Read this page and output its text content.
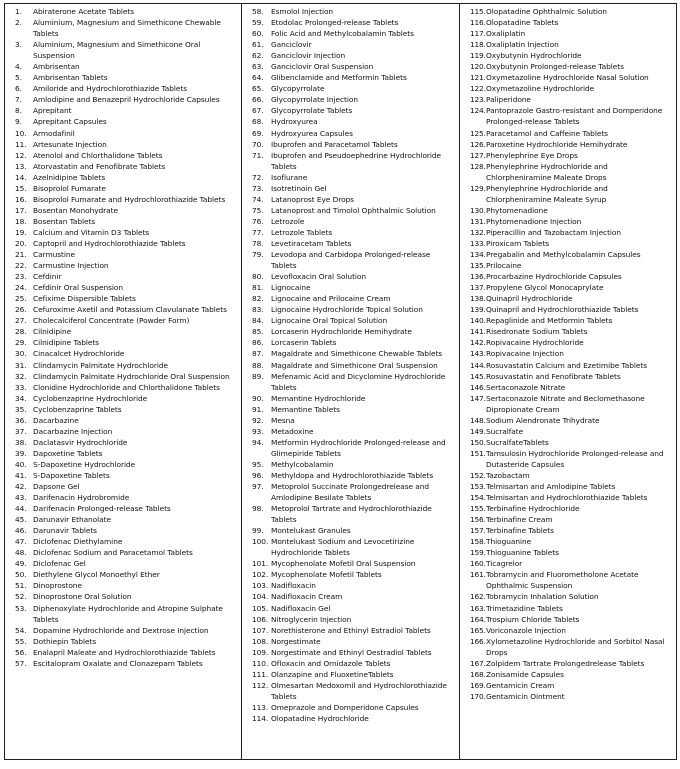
1.	Abiraterone Acetate Tablets
2.	Aluminium, Magnesium and Simethicone Chewable Tablets
3.	Aluminium, Magnesium and Simethicone Oral Suspension
4.	Ambrisentan
5.	Ambrisentan Tablets
6.	Amiloride and Hydrochlorothiazide Tablets
7.	Amlodipine and Benazepril Hydrochloride Capsules
8.	Aprepitant
9.	Aprepitant Capsules
10. Armodafinil
11. Artesunate Injection
12. Atenolol and Chlorthalidone Tablets
13. Atorvastatin and Fenofibrate Tablets
14. Azelnidipine Tablets
15. Bisoprolol Fumarate
16. Bisoprolol Fumarate and Hydrochlorothiazide Tablets
17. Bosentan Monohydrate
18. Bosentan Tablets
19. Calcium and Vitamin D3 Tablets
20. Captopril and Hydrochlorothiazide Tablets
21. Carmustine
22. Carmustine Injection
23. Cefdinir
24. Cefdinir Oral Suspension
25. Cefixime Dispersible Tablets
26. Cefuroxime Axetil and Potassium Clavulanate Tablets
27. Cholecalciferol Concentrate (Powder Form)
28. Cilnidipine
29. Cilnidipine Tablets
30. Cinacalcet Hydrochloride
31. Clindamycin Palmitate Hydrochloride
32. Clindamycin Palmitate Hydrochloride Oral Suspension
33. Clonidine Hydrochloride and Chlorthalidone Tablets
34. Cyclobenzaprine Hydrochloride
35. Cyclobenzaprine Tablets
36. Dacarbazine
37. Dacarbazine Injection
38. Daclatasvir Hydrochloride
39. Dapoxetine Tablets
40. S-Dapoxetine Hydrochloride
41. S-Dapoxetine Tablets
42. Dapsone Gel
43. Darifenacin Hydrobromide
44. Darifenacin Prolonged-release Tablets
45. Darunavir Ethanolate
46. Darunavir Tablets
47. Diclofenac Diethylamine
48. Diclofenac Sodium and Paracetamol Tablets
49. Diclofenac Gel
50. Diethylene Glycol Monoethyl Ether
51. Dinoprostone
52. Dinoprostone Oral Solution
53. Diphenoxylate Hydrochloride and Atropine Sulphate Tablets
54. Dopamine Hydrochloride and Dextrose Injection
55. Dothiepin Tablets
56. Enalapril Maleate and Hydrochlorothiazide Tablets
57. Escitalopram Oxalate and Clonazepam Tablets
58. Esmolol Injection
59. Etodolac Prolonged-release Tablets
60. Folic Acid and Methylcobalamin Tablets
61. Ganciclovir
62. Ganciclovir Injection
63. Ganciclovir Oral Suspension
64. Glibenclamide and Metformin Tablets
65. Glycopyrrolate
66. Glycopyrrolate Injection
67. Glycopyrrolate Tablets
68. Hydroxyurea
69. Hydroxyurea Capsules
70. Ibuprofen and Paracetamol Tablets
71. Ibuprofen and Pseudoephedrine Hydrochloride Tablets
72. Isoflurane
73. Isotretinoin Gel
74. Latanoprost Eye Drops
75. Latanoprost and Timolol Ophthalmic Solution
76. Letrozole
77. Letrozole Tablets
78. Levetiracetam Tablets
79. Levodopa and Carbidopa Prolonged-release Tablets
80. Levofloxacin Oral Solution
81. Lignocaine
82. Lignocaine and Prilocaine Cream
83. Lignocaine Hydrochloride Topical Solution
84. Lignocaine Oral Topical Solution
85. Lorcaserin Hydrochloride Hemihydrate
86. Lorcaserin Tablets
87. Magaldrate and Simethicone Chewable Tablets
88. Magaldrate and Simethicone Oral Suspension
89. Mefenamic Acid and Dicyclomine Hydrochloride Tablets
90. Memantine Hydrochloride
91. Memantine Tablets
92. Mesna
93. Metadoxine
94. Metformin Hydrochloride Prolonged-release and Glimepiride Tablets
95. Methylcobalamin
96. Methyldopa and Hydrochlorothiazide Tablets
97. Metoprolol Succinate Prolongedrelease and Amlodipine Besilate Tablets
98. Metoprolol Tartrate and Hydrochlorothiazide Tablets
99. Montelukast Granules
100. Montelukast Sodium and Levocetirizine Hydrochloride Tablets
101. Mycophenolate Mofetil Oral Suspension
102. Mycophenolate Mofetil Tablets
103. Nadifloxacin
104. Nadifloxacin Cream
105. Nadifloxacin Gel
106. Nitroglycerin Injection
107. Norethisterone and Ethinyl Estradiol Tablets
108. Norgestimate
109. Norgestimate and Ethinyl Oestradiol Tablets
110. Ofloxacin and Ornidazole Tablets
111. Olanzapine and FluoxetineTablets
112. Olmesartan Medoxomil and Hydrochlorothiazide Tablets
113. Omeprazole and Domperidone Capsules
114. Olopatadine Hydrochloride
115. Olopatadine Ophthalmic Solution
116. Olopatadine Tablets
117. Oxaliplatin
118. Oxaliplatin Injection
119. Oxybutynin Hydrochloride
120. Oxybutynin Prolonged-release Tablets
121. Oxymetazoline Hydrochloride Nasal Solution
122. Oxymetazoline Hydrochloride
123. Paliperidone
124. Pantoprazole Gastro-resistant and Domperidone Prolonged-release Tablets
125. Paracetamol and Caffeine Tablets
126. Paroxetine Hydrochloride Hemihydrate
127. Phenylephrine Eye Drops
128. Phenylephrine Hydrochloride and Chlorpheniramine Maleate Drops
129. Phenylephrine Hydrochloride and Chlorpheniramine Maleate Syrup
130. Phytomenadione
131. Phytomenadione Injection
132. Piperacillin and Tazobactam Injection
133. Piroxicam Tablets
134. Pregabalin and Methylcobalamin Capsules
135. Prilocaine
136. Procarbazine Hydrochloride Capsules
137. Propylene Glycol Monocaprylate
138. Quinapril Hydrochloride
139. Quinapril and Hydrochlorothiazide Tablets
140. Repaglinide and Metformin Tablets
141. Risedronate Sodium Tablets
142. Ropivacaine Hydrochloride
143. Ropivacaine Injection
144. Rosuvastatin Calcium and Ezetimibe Tablets
145. Rosuvastatin and Fenofibrate Tablets
146. Sertaconazole Nitrate
147. Sertaconazole Nitrate and Beclomethasone Dipropionate Cream
148. Sodium Alendronate Trihydrate
149. Sucralfate
150. SucralfateTablets
151. Tamsulosin Hydrochloride Prolonged-release and Dutasteride Capsules
152. Tazobactam
153. Telmisartan and Amlodipine Tablets
154. Telmisartan and Hydrochlorothiazide Tablets
155. Terbinafine Hydrochloride
156. Terbinafine Cream
157. Terbinafine Tablets
158. Thioguanine
159. Thioguanine Tablets
160. Ticagrelor
161. Tobramycin and Fluorometholone Acetate Ophthalmic Suspension
162. Tobramycin Inhalation Solution
163. Trimetazidine Tablets
164. Trospium Chloride Tablets
165. Voriconazole Injection
166. Xylometazoline Hydrochloride and Sorbitol Nasal Drops
167. Zolpidem Tartrate Prolongedrelease Tablets
168. Zonisamide Capsules
169. Gentamicin Cream
170. Gentamicin Ointment
